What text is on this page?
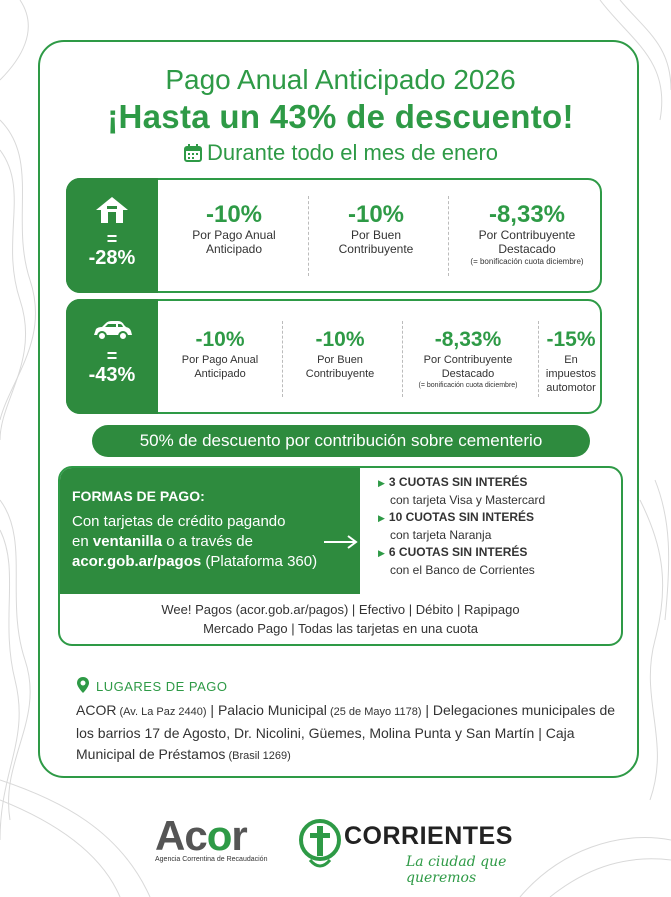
Pago Anual Anticipado 2026
¡Hasta un 43% de descuento!
Durante todo el mes de enero
=
-28%
-10%
Por Pago Anual
Anticipado
-10%
Por Buen
Contribuyente
-8,33%
Por Contribuyente
Destacado
(= bonificación cuota diciembre)
=
-43%
-10%
Por Pago Anual
Anticipado
-10%
Por Buen
Contribuyente
-8,33%
Por Contribuyente
Destacado
(= bonificación cuota diciembre)
-15%
En impuestos
automotor
50% de descuento por contribución sobre cementerio
FORMAS DE PAGO:
Con tarjetas de crédito pagando
en ventanilla o a través de
acor.gob.ar/pagos (Plataforma 360)
▶ 3 CUOTAS SIN INTERÉS
con tarjeta Visa y Mastercard
▶ 10 CUOTAS SIN INTERÉS
con tarjeta Naranja
▶ 6 CUOTAS SIN INTERÉS
con el Banco de Corrientes
Wee! Pagos (acor.gob.ar/pagos) | Efectivo | Débito | Rapipago
Mercado Pago | Todas las tarjetas en una cuota
LUGARES DE PAGO
ACOR (Av. La Paz 2440) | Palacio Municipal (25 de Mayo 1178) | Delegaciones municipales de los barrios 17 de Agosto, Dr. Nicolini, Güemes, Molina Punta y San Martín | Caja Municipal de Préstamos (Brasil 1269)
Acor
Agencia Correntina de Recaudación
CORRIENTES
La ciudad que queremos
